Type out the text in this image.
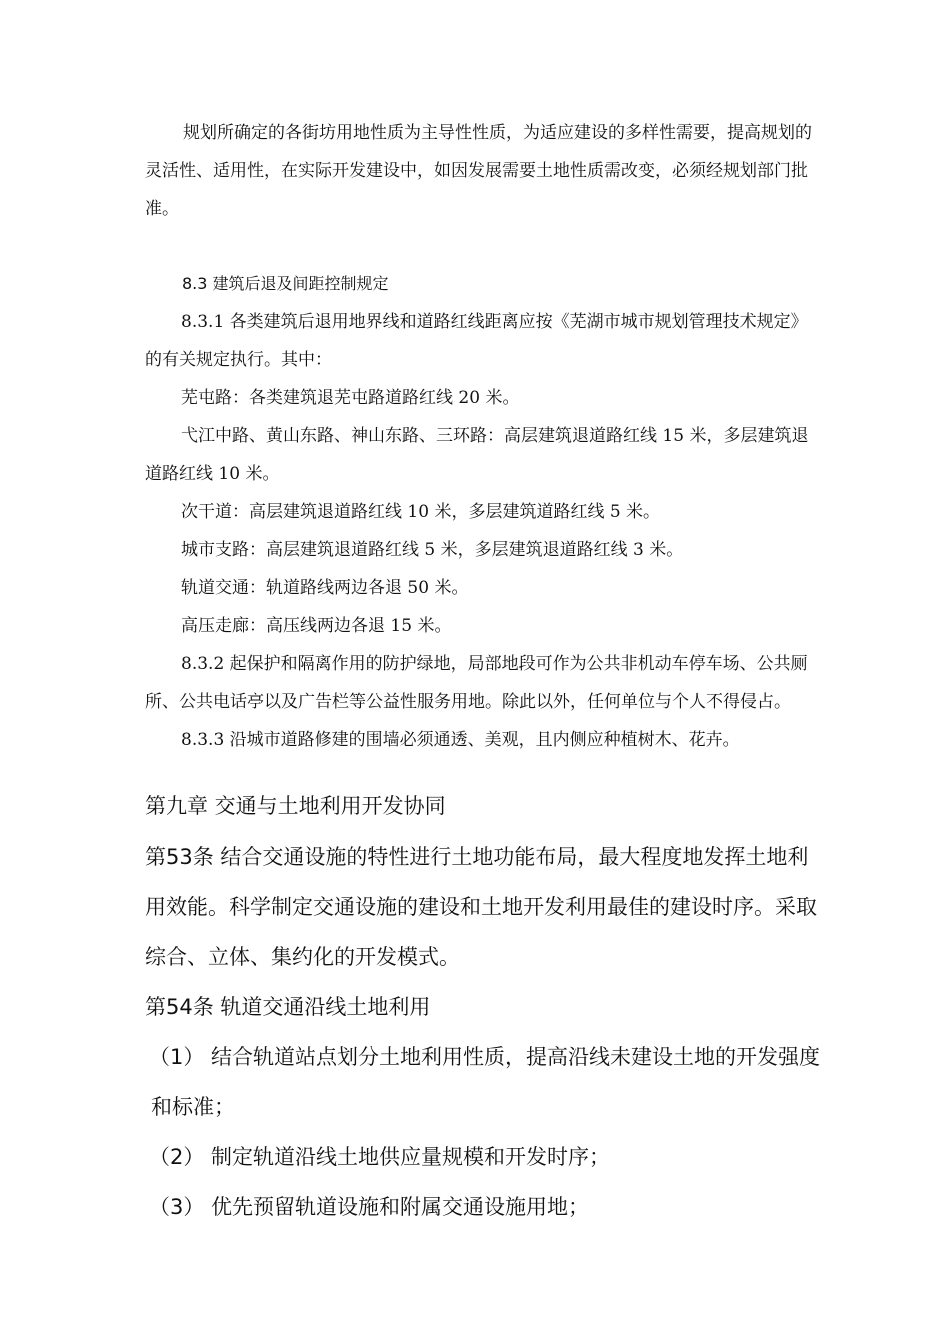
规划所确定的各街坊用地性质为主导性性质，为适应建设的多样性需要，提高规划的灵活性、适用性，在实际开发建设中，如因发展需要土地性质需改变，必须经规划部门批准。

8.3 建筑后退及间距控制规定

8.3.1 各类建筑后退用地界线和道路红线距离应按《芜湖市城市规划管理技术规定》的有关规定执行。其中：

芜屯路：各类建筑退芜屯路道路红线 20 米。

弋江中路、黄山东路、神山东路、三环路：高层建筑退道路红线 15 米，多层建筑退道路红线 10 米。

次干道：高层建筑退道路红线 10 米，多层建筑道路红线 5 米。

城市支路：高层建筑退道路红线 5 米，多层建筑退道路红线 3 米。

轨道交通：轨道路线两边各退 50 米。

高压走廊：高压线两边各退 15 米。

8.3.2 起保护和隔离作用的防护绿地，局部地段可作为公共非机动车停车场、公共厕所、公共电话亭以及广告栏等公益性服务用地。除此以外，任何单位与个人不得侵占。

8.3.3 沿城市道路修建的围墙必须通透、美观，且内侧应种植树木、花卉。

第九章 交通与土地利用开发协同

第53条 结合交通设施的特性进行土地功能布局，最大程度地发挥土地利用效能。科学制定交通设施的建设和土地开发利用最佳的建设时序。采取综合、立体、集约化的开发模式。

第54条 轨道交通沿线土地利用

（1） 结合轨道站点划分土地利用性质，提高沿线未建设土地的开发强度和标准；

（2） 制定轨道沿线土地供应量规模和开发时序；

（3） 优先预留轨道设施和附属交通设施用地；
